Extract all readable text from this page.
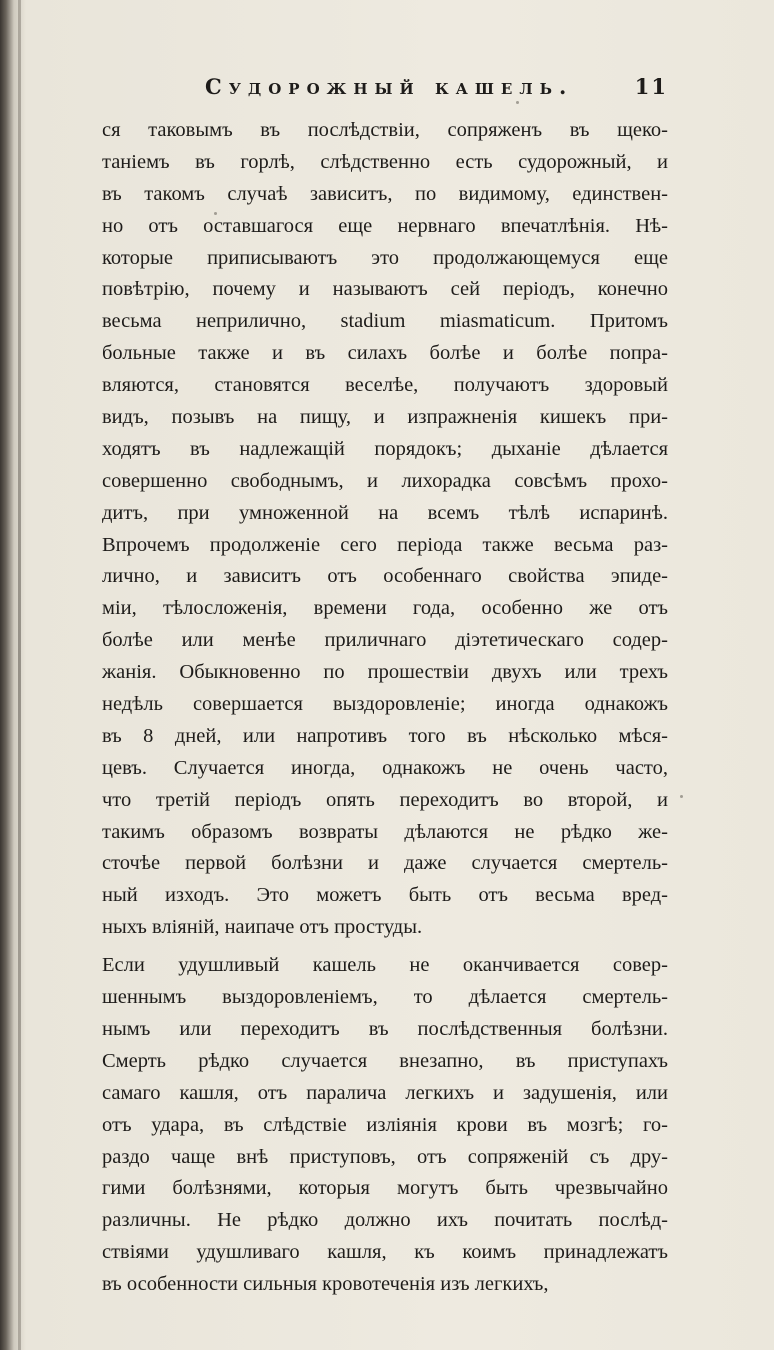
Судорожный кашель.	11
ся таковымъ въ послѣдствіи, сопряженъ въ щеко-
таніемъ въ горлѣ, слѣдственно есть судорожный, и
въ такомъ случаѣ зависитъ, по видимому, единствен-
но отъ оставшагося еще нервнаго впечатлѣнія. Нѣ-
которые приписываютъ это продолжающемуся еще
повѣтрію, почему и называютъ сей періодъ, конечно
весьма неприлично, stadium miasmaticum. Притомъ
больные также и въ силахъ болѣе и болѣе попра-
вляются, становятся веселѣе, получаютъ здоровый
видъ, позывъ на пищу, и изпражненія кишекъ при-
ходятъ въ надлежащій порядокъ; дыханіе дѣлается
совершенно свободнымъ, и лихорадка совсѣмъ прохо-
дитъ, при умноженной на всемъ тѣлѣ испаринѣ.
Впрочемъ продолженіе сего періода также весьма раз-
лично, и зависитъ отъ особеннаго свойства эпиде-
міи, тѣлосложенія, времени года, особенно же отъ
болѣе или менѣе приличнаго діэтетическаго содер-
жанія. Обыкновенно по прошествіи двухъ или трехъ
недѣль совершается выздоровленіе; иногда однакожъ
въ 8 дней, или напротивъ того въ нѣсколько мѣся-
цевъ. Случается иногда, однакожъ не очень часто,
что третій періодъ опять переходитъ во второй, и
такимъ образомъ возвраты дѣлаются не рѣдко же-
сточѣе первой болѣзни и даже случается смертель-
ный изходъ. Это можетъ быть отъ весьма вред-
ныхъ вліяній, наипаче отъ простуды.
Если удушливый кашель не оканчивается совер-
шеннымъ выздоровленіемъ, то дѣлается смертель-
нымъ или переходитъ въ послѣдственныя болѣзни.
Смерть рѣдко случается внезапно, въ приступахъ
самаго кашля, отъ паралича легкихъ и задушенія, или
отъ удара, въ слѣдствіе изліянія крови въ мозгѣ; го-
раздо чаще внѣ приступовъ, отъ сопряженій съ дру-
гими болѣзнями, которыя могутъ быть чрезвычайно
различны. Не рѣдко должно ихъ почитать послѣд-
ствіями удушливаго кашля, къ коимъ принадлежатъ
въ особенности сильныя кровотеченія изъ легкихъ,
